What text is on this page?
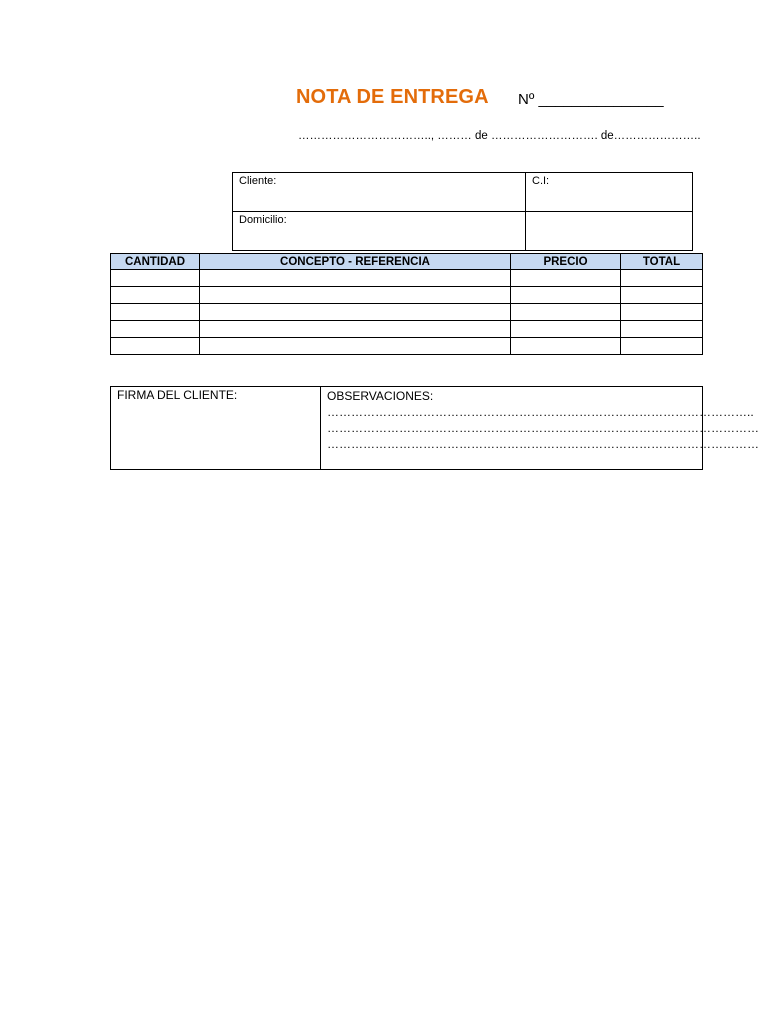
NOTA DE ENTREGA Nº _______________
…………………………….., ……… de ………………………. de…………………..
Cliente:	C.I:
Domicilio:	
CANTIDAD	CONCEPTO - REFERENCIA	PRECIO	TOTAL

FIRMA DEL CLIENTE:	OBSERVACIONES:
……………………………………………………………………………………………..
………………………………………………………………………………………………
………………………………………………………………………………………………
